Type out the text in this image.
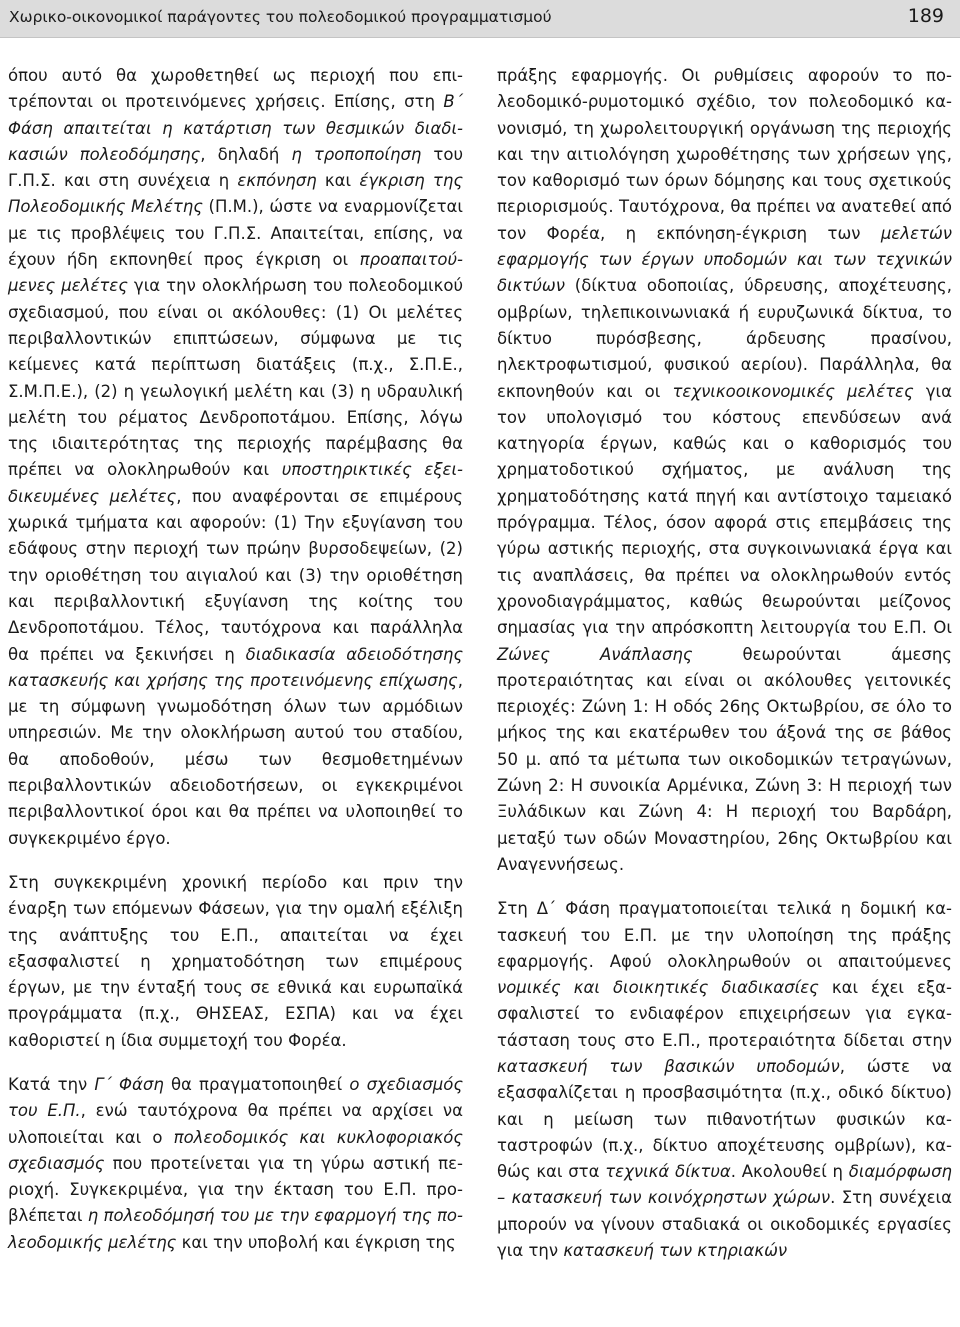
Χωρικο-οικονομικοί παράγοντες του πολεοδομικού προγραμματισμού	189

όπου αυτό θα χωροθετηθεί ως περιοχή που επιτρέπονται οι προτεινόμενες χρήσεις. Επίσης, στη Β΄ Φάση απαιτείται η κατάρτιση των θεσμικών διαδικασιών πολεοδόμησης, δηλαδή η τροποποίηση του Γ.Π.Σ. και στη συνέχεια η εκπόνηση και έγκριση της Πολεοδομικής Μελέτης (Π.Μ.), ώστε να εναρμονίζεται με τις προβλέψεις του Γ.Π.Σ. Απαιτείται, επίσης, να έχουν ήδη εκπονηθεί προς έγκριση οι προαπαιτούμενες μελέτες για την ολοκλήρωση του πολεοδομικού σχεδιασμού, που είναι οι ακόλουθες: (1) Οι μελέτες περιβαλλοντικών επιπτώσεων, σύμφωνα με τις κείμενες κατά περίπτωση διατάξεις (π.χ., Σ.Π.Ε., Σ.Μ.Π.Ε.), (2) η γεωλογική μελέτη και (3) η υδραυλική μελέτη του ρέματος Δενδροποτάμου. Επίσης, λόγω της ιδιαιτερότητας της περιοχής παρέμβασης θα πρέπει να ολοκληρωθούν και υποστηρικτικές εξειδικευμένες μελέτες, που αναφέρονται σε επιμέρους χωρικά τμήματα και αφορούν: (1) Την εξυγίανση του εδάφους στην περιοχή των πρώην βυρσοδεψείων, (2) την οριοθέτηση του αιγιαλού και (3) την οριοθέτηση και περιβαλλοντική εξυγίανση της κοίτης του Δενδροποτάμου. Τέλος, ταυτόχρονα και παράλληλα θα πρέπει να ξεκινήσει η διαδικασία αδειοδότησης κατασκευής και χρήσης της προτεινόμενης επίχωσης, με τη σύμφωνη γνωμοδότηση όλων των αρμόδιων υπηρεσιών. Με την ολοκλήρωση αυτού του σταδίου, θα αποδοθούν, μέσω των θεσμοθετημένων περιβαλλοντικών αδειοδοτήσεων, οι εγκεκριμένοι περιβαλλοντικοί όροι και θα πρέπει να υλοποιηθεί το συγκεκριμένο έργο.

Στη συγκεκριμένη χρονική περίοδο και πριν την έναρξη των επόμενων Φάσεων, για την ομαλή εξέλιξη της ανάπτυξης του Ε.Π., απαιτείται να έχει εξασφαλιστεί η χρηματοδότηση των επιμέρους έργων, με την ένταξή τους σε εθνικά και ευρωπαϊκά προγράμματα (π.χ., ΘΗΣΕΑΣ, ΕΣΠΑ) και να έχει καθοριστεί η ίδια συμμετοχή του Φορέα.

Κατά την Γ΄ Φάση θα πραγματοποιηθεί ο σχεδιασμός του Ε.Π., ενώ ταυτόχρονα θα πρέπει να αρχίσει να υλοποιείται και ο πολεοδομικός και κυκλοφοριακός σχεδιασμός που προτείνεται για τη γύρω αστική περιοχή. Συγκεκριμένα, για την έκταση του Ε.Π. προβλέπεται η πολεοδόμησή του με την εφαρμογή της πολεοδομικής μελέτης και την υποβολή και έγκριση της

πράξης εφαρμογής. Οι ρυθμίσεις αφορούν το πολεοδομικό-ρυμοτομικό σχέδιο, τον πολεοδομικό κανονισμό, τη χωρολειτουργική οργάνωση της περιοχής και την αιτιολόγηση χωροθέτησης των χρήσεων γης, τον καθορισμό των όρων δόμησης και τους σχετικούς περιορισμούς. Ταυτόχρονα, θα πρέπει να ανατεθεί από τον Φορέα, η εκπόνηση-έγκριση των μελετών εφαρμογής των έργων υποδομών και των τεχνικών δικτύων (δίκτυα οδοποιίας, ύδρευσης, αποχέτευσης, ομβρίων, τηλεπικοινωνιακά ή ευρυζωνικά δίκτυα, το δίκτυο πυρόσβεσης, άρδευσης πρασίνου, ηλεκτροφωτισμού, φυσικού αερίου). Παράλληλα, θα εκπονηθούν και οι τεχνικοοικονομικές μελέτες για τον υπολογισμό του κόστους επενδύσεων ανά κατηγορία έργων, καθώς και ο καθορισμός του χρηματοδοτικού σχήματος, με ανάλυση της χρηματοδότησης κατά πηγή και αντίστοιχο ταμειακό πρόγραμμα. Τέλος, όσον αφορά στις επεμβάσεις της γύρω αστικής περιοχής, στα συγκοινωνιακά έργα και τις αναπλάσεις, θα πρέπει να ολοκληρωθούν εντός χρονοδιαγράμματος, καθώς θεωρούνται μείζονος σημασίας για την απρόσκοπτη λειτουργία του Ε.Π. Οι Ζώνες Ανάπλασης θεωρούνται άμεσης προτεραιότητας και είναι οι ακόλουθες γειτονικές περιοχές: Ζώνη 1: Η οδός 26ης Οκτωβρίου, σε όλο το μήκος της και εκατέρωθεν του άξονά της σε βάθος 50 μ. από τα μέτωπα των οικοδομικών τετραγώνων, Ζώνη 2: Η συνοικία Αρμένικα, Ζώνη 3: Η περιοχή των Ξυλάδικων και Ζώνη 4: Η περιοχή του Βαρδάρη, μεταξύ των οδών Μοναστηρίου, 26ης Οκτωβρίου και Αναγεννήσεως.

Στη Δ΄ Φάση πραγματοποιείται τελικά η δομική κατασκευή του Ε.Π. με την υλοποίηση της πράξης εφαρμογής. Αφού ολοκληρωθούν οι απαιτούμενες νομικές και διοικητικές διαδικασίες και έχει εξασφαλιστεί το ενδιαφέρον επιχειρήσεων για εγκατάσταση τους στο Ε.Π., προτεραιότητα δίδεται στην κατασκευή των βασικών υποδομών, ώστε να εξασφαλίζεται η προσβασιμότητα (π.χ., οδικό δίκτυο) και η μείωση των πιθανοτήτων φυσικών καταστροφών (π.χ., δίκτυο αποχέτευσης ομβρίων), καθώς και στα τεχνικά δίκτυα. Ακολουθεί η διαμόρφωση – κατασκευή των κοινόχρηστων χώρων. Στη συνέχεια μπορούν να γίνουν σταδιακά οι οικοδομικές εργασίες για την κατασκευή των κτηριακών
